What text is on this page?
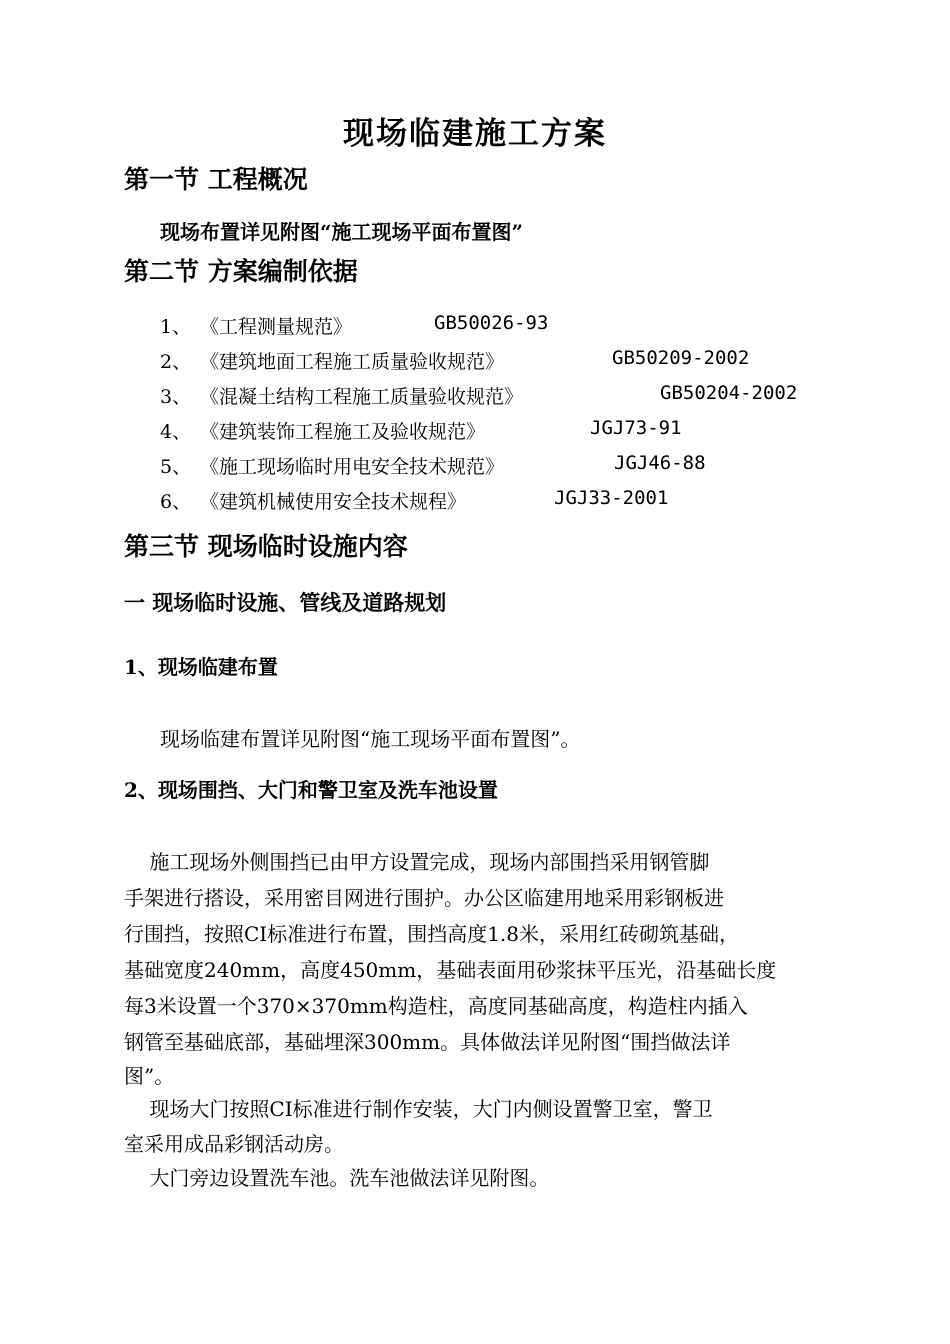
现场临建施工方案
第一节 工程概况
现场布置详见附图“施工现场平面布置图”
第二节 方案编制依据
1、 《工程测量规范》	GB50026-93
2、 《建筑地面工程施工质量验收规范》	GB50209-2002
3、 《混凝土结构工程施工质量验收规范》	GB50204-2002
4、 《建筑装饰工程施工及验收规范》	JGJ73-91
5、 《施工现场临时用电安全技术规范》	JGJ46-88
6、 《建筑机械使用安全技术规程》	JGJ33-2001
第三节 现场临时设施内容
一 现场临时设施、管线及道路规划
1、现场临建布置
现场临建布置详见附图“施工现场平面布置图”。
2、现场围挡、大门和警卫室及洗车池设置
施工现场外侧围挡已由甲方设置完成，现场内部围挡采用钢管脚
手架进行搭设，采用密目网进行围护。办公区临建用地采用彩钢板进
行围挡，按照CI标准进行布置，围挡高度1.8米，采用红砖砌筑基础，
基础宽度240mm，高度450mm，基础表面用砂浆抹平压光，沿基础长度
每3米设置一个370×370mm构造柱，高度同基础高度，构造柱内插入
钢管至基础底部，基础埋深300mm。具体做法详见附图“围挡做法详
图”。
现场大门按照CI标准进行制作安装，大门内侧设置警卫室，警卫
室采用成品彩钢活动房。
大门旁边设置洗车池。洗车池做法详见附图。
